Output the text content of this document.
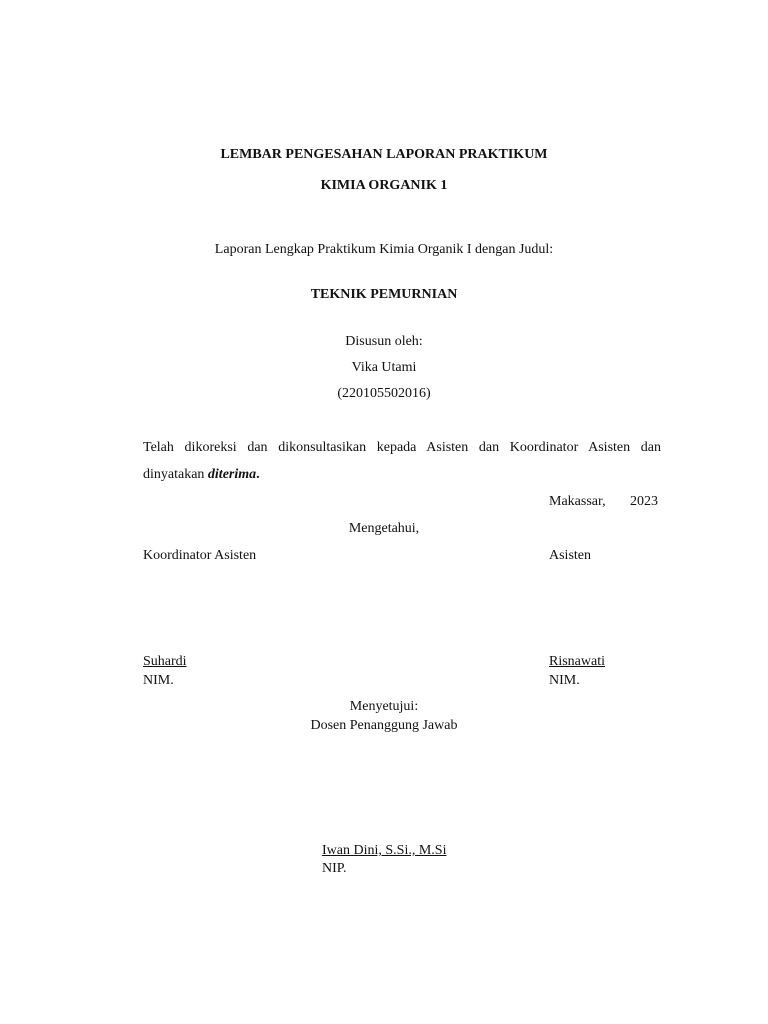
LEMBAR PENGESAHAN LAPORAN PRAKTIKUM
KIMIA ORGANIK 1
Laporan Lengkap Praktikum Kimia Organik I dengan Judul:
TEKNIK PEMURNIAN
Disusun oleh:
Vika Utami
(220105502016)
Telah dikoreksi dan dikonsultasikan kepada Asisten dan Koordinator Asisten dan
dinyatakan diterima.
Makassar, 2023
Mengetahui,
Koordinator Asisten	Asisten
Suhardi	Risnawati
NIM.	NIM.
Menyetujui:
Dosen Penanggung Jawab
Iwan Dini, S.Si., M.Si
NIP.
